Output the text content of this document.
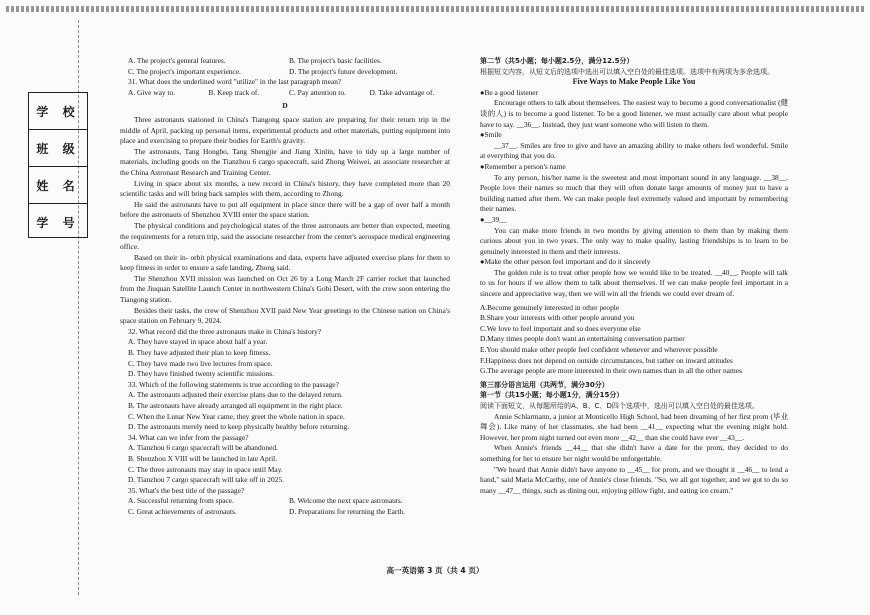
学 校
班 级
姓 名
学 号
A. The project's general features.	B. The project's basic facilities.
C. The project's important experience.	D. The project's future development.

31. What does the underlined word "utilize" in the last paragraph mean?

A. Give way to.	B. Keep track of.	C. Pay attention to.	D. Take advantage of.

D

Three astronauts stationed in China's Tiangong space station are preparing for their return trip in the middle of April, packing up personal items, experimental products and other materials, putting equipment into place and exercising to prepare their bodies for Earth's gravity.

The astronauts, Tang Hongbo, Tang Shengjie and Jiang Xinlin, have to tidy up a large number of materials, including goods on the Tianzhou 6 cargo spacecraft, said Zhong Weiwei, an associate researcher at the China Astronaut Research and Training Center.

Living in space about six months, a new record in China's history, they have completed more than 20 scientific tasks and will bring back samples with them, according to Zhong.

He said the astronauts have to put all equipment in place since there will be a gap of over half a month before the astronauts of Shenzhou XVIII enter the space station.

The physical conditions and psychological states of the three astronauts are better than expected, meeting the requirements for a return trip, said the associate researcher from the center's aerospace medical engineering office.

Based on their in- orbit physical examinations and data, experts have adjusted exercise plans for them to keep fitness in order to ensure a safe landing, Zhong said.

The Shenzhou XVII mission was launched on Oct 26 by a Long March 2F carrier rocket that launched from the Jiuquan Satellite Launch Center in northwestern China's Gobi Desert, with the crew soon entering the Tiangong station.

Besides their tasks, the crew of Shenzhou XVII paid New Year greetings to the Chinese nation on China's space station on February 9, 2024.

32. What record did the three astronauts make in China's history?

A. They have stayed in space about half a year.

B. They have adjusted their plan to keep fitness.

C. They have made two live lectures from space.

D. They have finished twenty scientific missions.

33. Which of the following statements is true according to the passage?

A. The astronauts adjusted their exercise plans due to the delayed return.

B. The astronauts have already arranged all equipment in the right place.

C. When the Lunar New Year came, they greet the whole nation in space.

D. The astronauts merely need to keep physically healthy before returning.

34. What can we infer from the passage?

A. Tianzhou 6 cargo spacecraft will be abandoned.

B. Shenzhou X VIII will be launched in late April.

C. The three astronauts may stay in space until May.

D. Tianzhou 7 cargo spacecraft will take off in 2025.

35. What's the best title of the passage?

A. Successful returning from space.	B. Welcome the next space astronauts.
C. Great achievements of astronauts.	D. Preparations for returning the Earth.

第二节（共5小题；每小题2.5分，满分12.5分）

根据短文内容，从短文后的选项中选出可以填入空白处的最佳选项。选项中有两项为多余选项。

Five Ways to Make People Like You

●Be a good listener

Encourage others to talk about themselves. The easiest way to become a good conversationalist (健谈的人) is to become a good listener. To be a good listener, we must actually care about what people have to say. __36__. Instead, they just want someone who will listen to them.

●Smile

__37__. Smiles are free to give and have an amazing ability to make others feel wonderful. Smile at everything that you do.

●Remember a person's name

To any person, his/her name is the sweetest and most important sound in any language. __38__. People love their names so much that they will often donate large amounts of money just to have a building named after them. We can make people feel extremely valued and important by remembering their names.

●__39__

You can make more friends in two months by giving attention to them than by making them curious about you in two years. The only way to make quality, lasting friendships is to learn to be genuinely interested in them and their interests.

●Make the other person feel important and do it sincerely

The golden rule is to treat other people how we would like to be treated. __40__. People will talk to us for hours if we allow them to talk about themselves. If we can make people feel important in a sincere and appreciative way, then we will win all the friends we could ever dream of.

A.Become genuinely interested in other people

B.Share your interests with other people around you

C.We love to feel important and so does everyone else

D.Many times people don't want an entertaining conversation partner

E.You should make other people feel confident whenever and wherever possible

F.Happiness does not depend on outside circumstances, but rather on inward attitudes

G.The average people are more interested in their own names than in all the other names

第三部分语言运用（共两节，满分30分）

第一节（共15小题；每小题1分，满分15分）

阅读下面短文，从每题所给的A、B、C、D四个选项中，选出可以填入空白处的最佳选项。

Annie Schlarmann, a junior at Monticello High School, had been dreaming of her first prom (毕业舞会). Like many of her classmates, she had been __41__ expecting what the evening might hold. However, her prom night turned out even more __42__ than she could have ever __43__.

When Annie's friends __44__ that she didn't have a date for the prom, they decided to do something for her to ensure her night would be unforgettable.

"We heard that Annie didn't have anyone to __45__ for prom, and we thought it __46__ to lend a hand," said Maria McCarthy, one of Annie's close friends. "So, we all got together, and we got to do so many __47__ things, such as dining out, enjoying pillow fight, and eating ice cream."

高一英语第 3 页（共 4 页）
